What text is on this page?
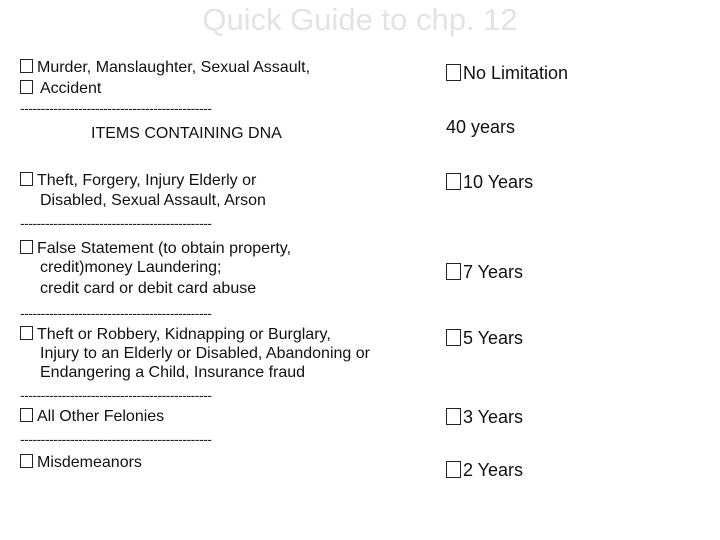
Quick Guide to chp. 12
Murder, Manslaughter, Sexual Assault,
Accident
----------------------------------------------
ITEMS CONTAINING DNA
Theft, Forgery, Injury Elderly or
Disabled, Sexual Assault, Arson
----------------------------------------------
False Statement (to obtain property,
credit)money Laundering;
credit card or debit card abuse
----------------------------------------------
Theft or Robbery, Kidnapping or Burglary,
Injury to an Elderly or Disabled, Abandoning or
Endangering a Child, Insurance fraud
----------------------------------------------
All Other Felonies
----------------------------------------------
Misdemeanors
No Limitation
40 years
10 Years
7 Years
5 Years
3 Years
2 Years
